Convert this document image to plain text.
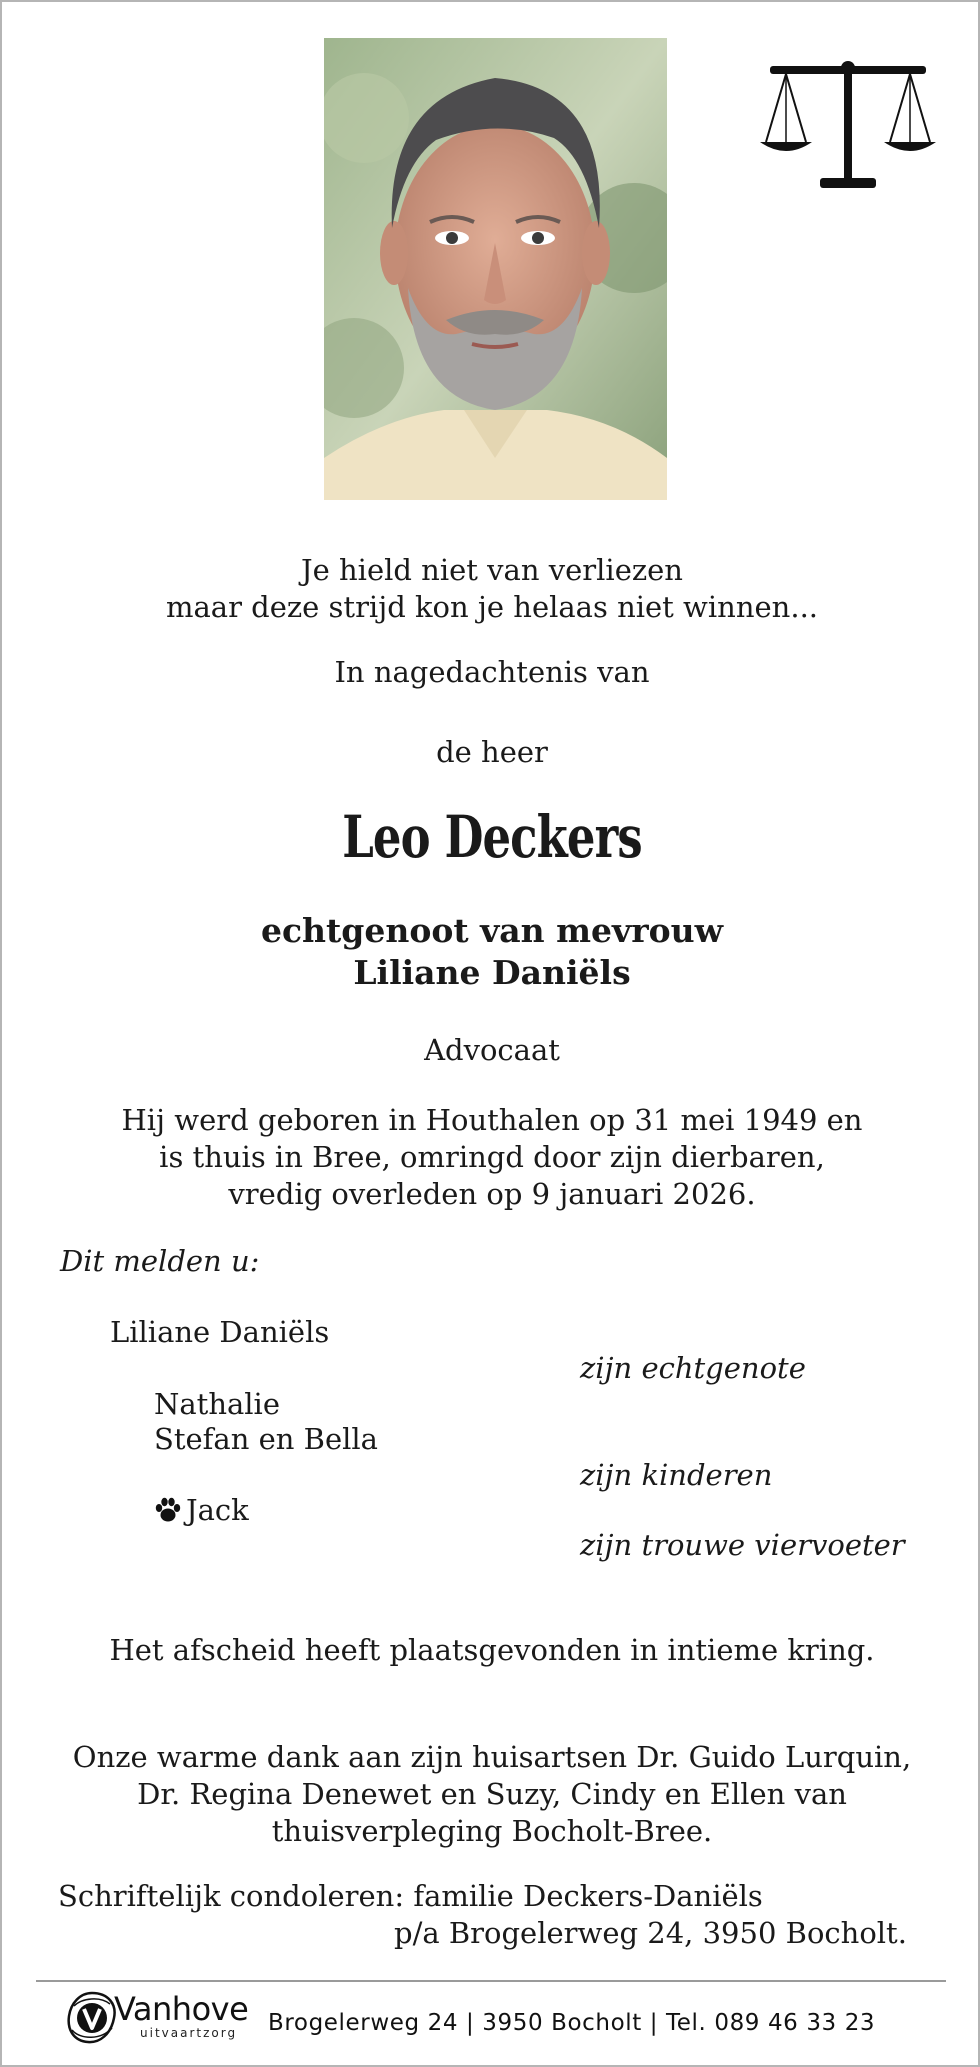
Je hield niet van verliezen
maar deze strijd kon je helaas niet winnen...
In nagedachtenis van
de heer
Leo Deckers
echtgenoot van mevrouw
Liliane Daniëls
Advocaat
Hij werd geboren in Houthalen op 31 mei 1949 en
is thuis in Bree, omringd door zijn dierbaren,
vredig overleden op 9 januari 2026.
Dit melden u:
Liliane Daniëls
zijn echtgenote
Nathalie
Stefan en Bella
zijn kinderen
Jack
zijn trouwe viervoeter
Het afscheid heeft plaatsgevonden in intieme kring.
Onze warme dank aan zijn huisartsen Dr. Guido Lurquin,
Dr. Regina Denewet en Suzy, Cindy en Ellen van
thuisverpleging Bocholt-Bree.
Schriftelijk condoleren: familie Deckers-Daniëls
p/a Brogelerweg 24, 3950 Bocholt.
Vanhove
uitvaartzorg Brogelerweg 24 | 3950 Bocholt | Tel. 089 46 33 23
